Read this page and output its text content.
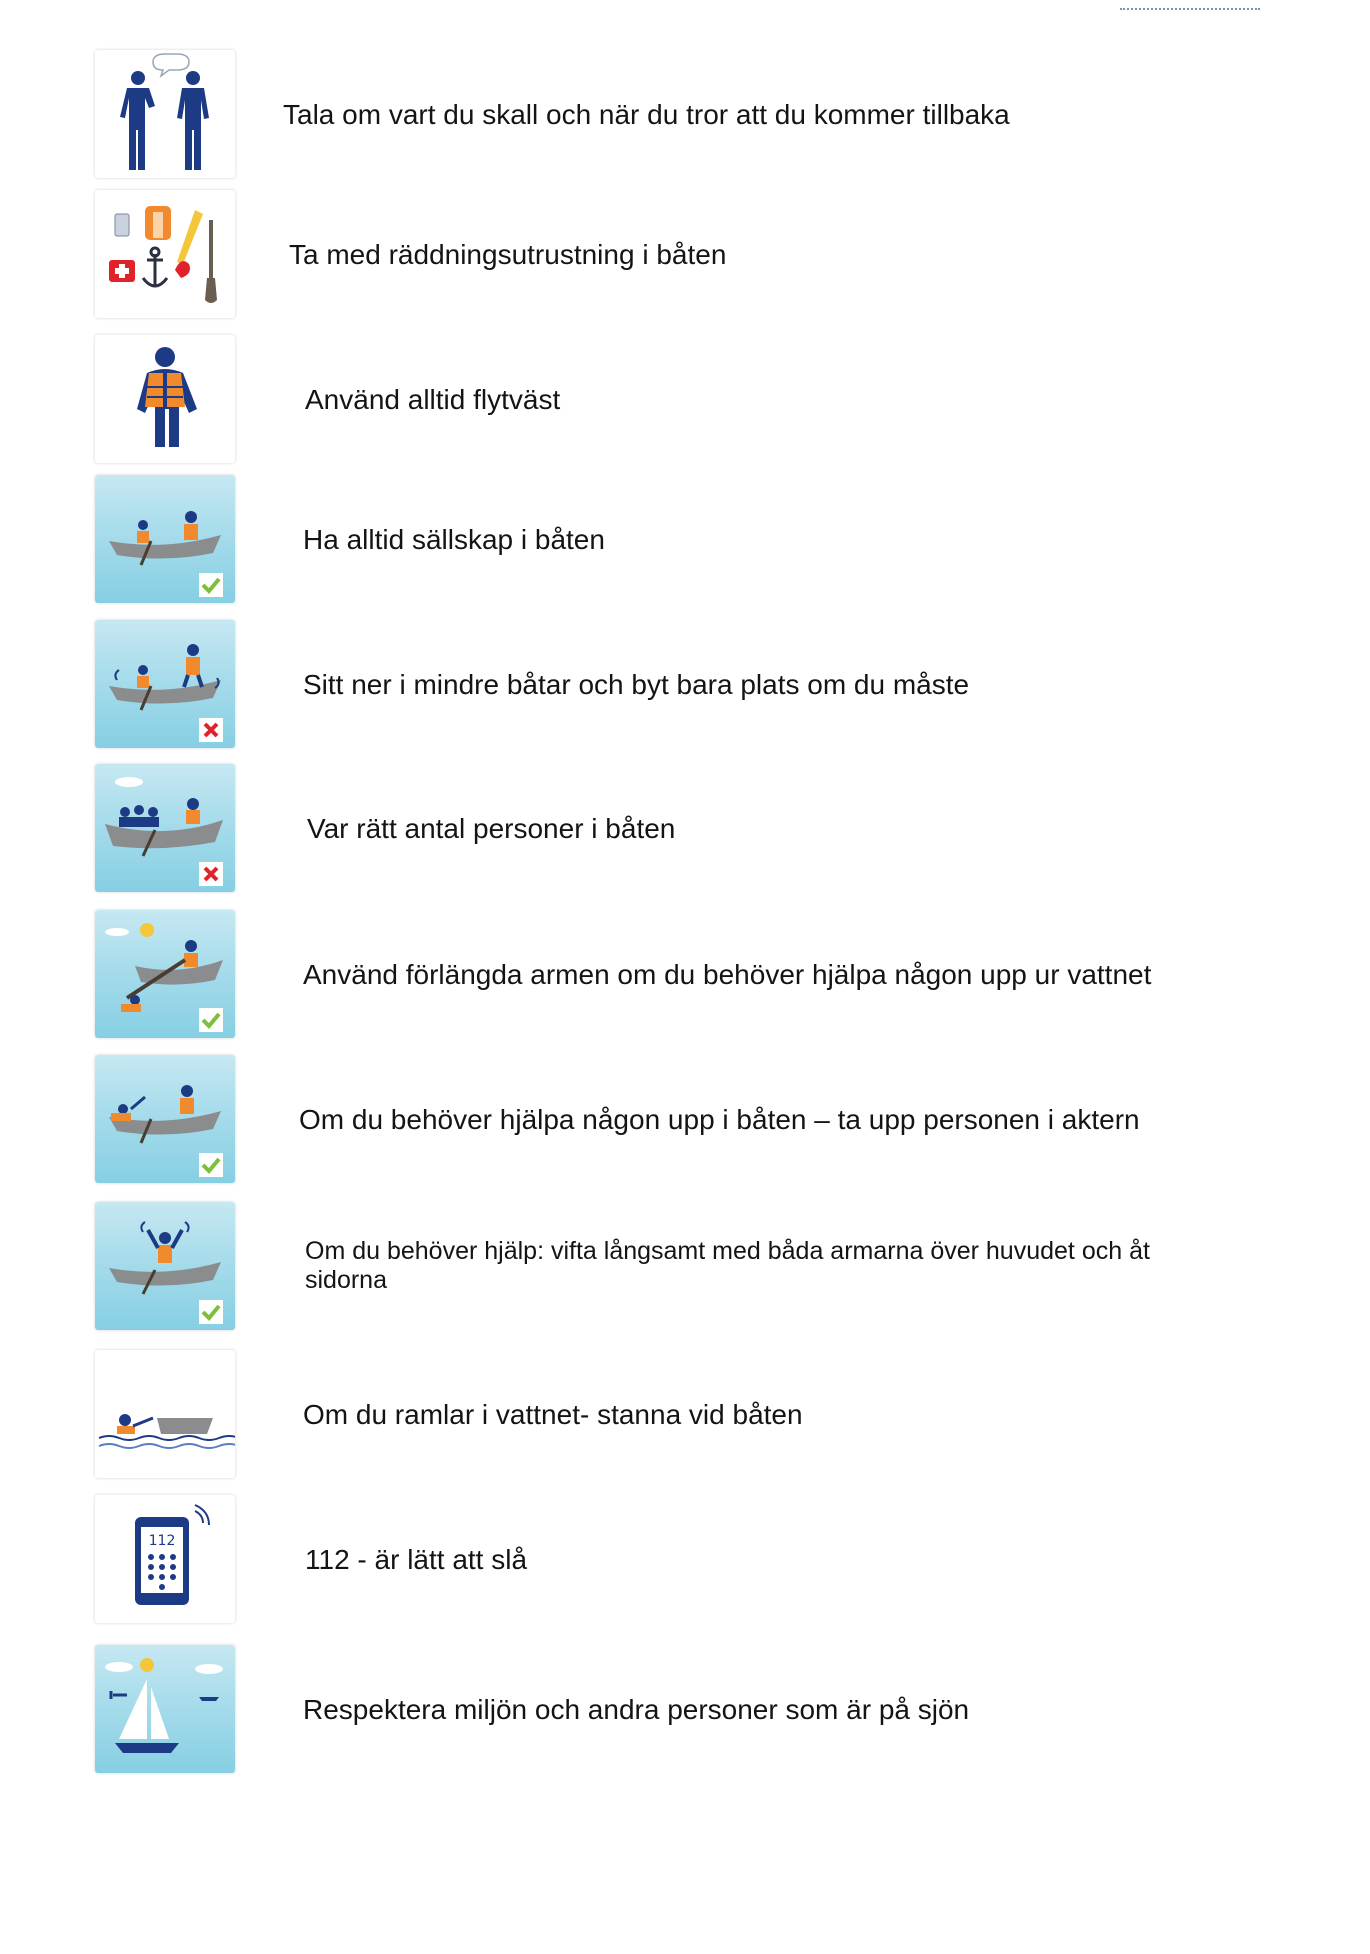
Tala om vart du skall och när du tror att du kommer tillbaka
Ta med räddningsutrustning i båten
Använd alltid flytväst
Ha alltid sällskap i båten
Sitt ner i mindre båtar och byt bara plats om du måste
Var rätt antal personer i båten
Använd förlängda armen om du behöver hjälpa någon upp ur vattnet
Om du behöver hjälpa någon upp i båten – ta upp personen i aktern
Om du behöver hjälp: vifta långsamt med båda armarna över huvudet och åt sidorna
Om du ramlar i vattnet- stanna vid båten
112
112 - är lätt att slå
Respektera miljön och andra personer som är på sjön
